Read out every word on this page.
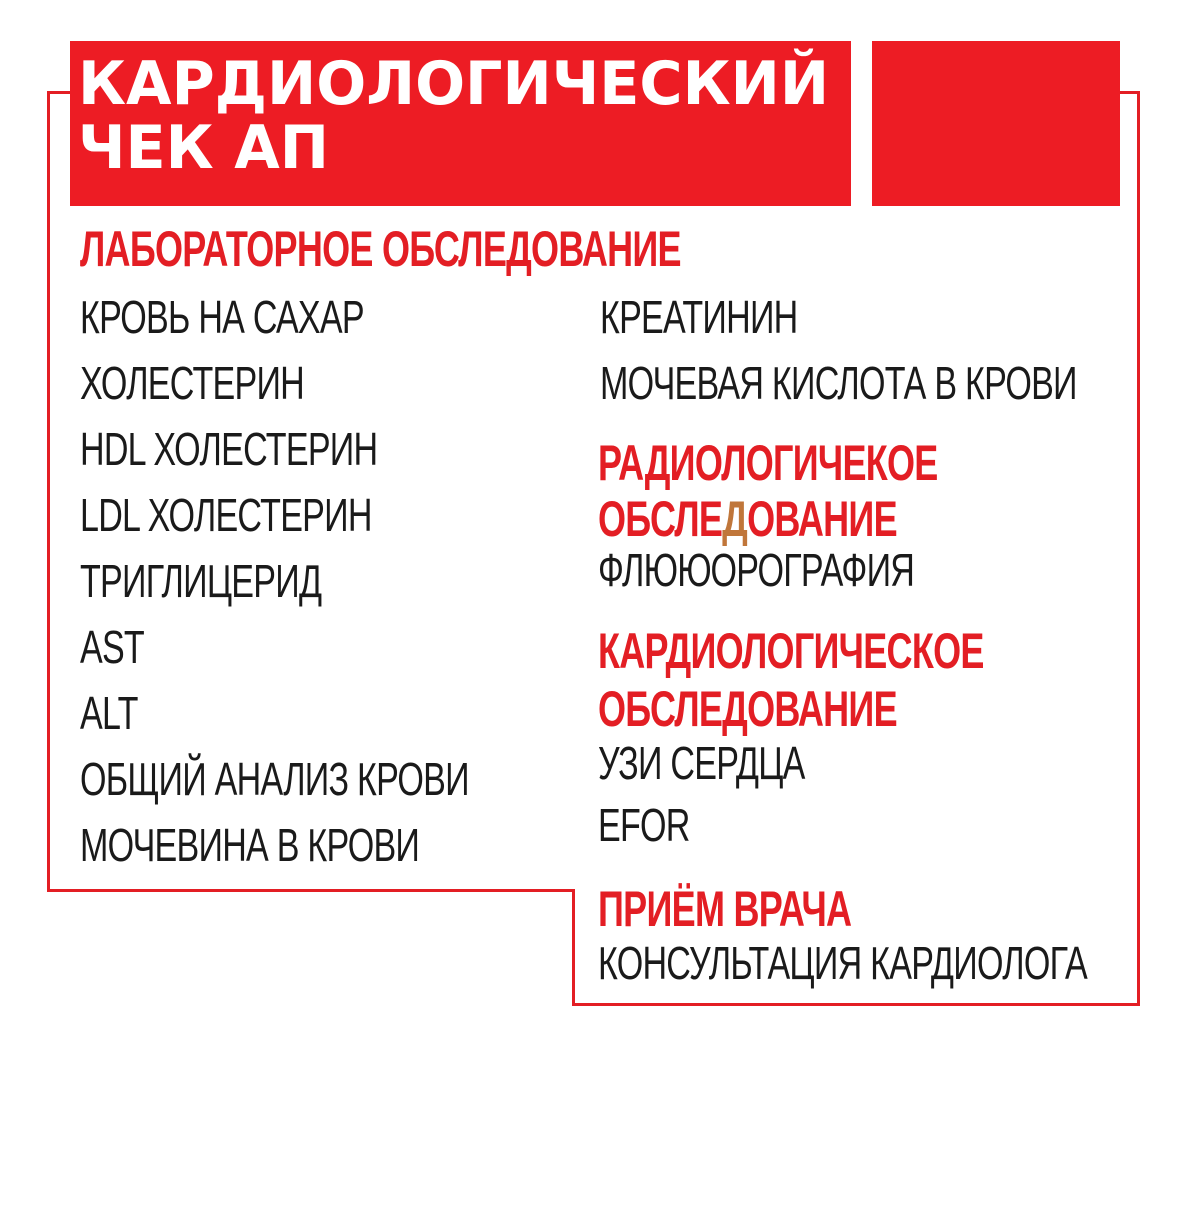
КАРДИОЛОГИЧЕСКИЙ
ЧЕК АП
ЛАБОРАТОРНОЕ ОБСЛЕДОВАНИЕ
КРОВЬ НА САХАР
ХОЛЕСТЕРИН
HDL ХОЛЕСТЕРИН
LDL ХОЛЕСТЕРИН
ТРИГЛИЦЕРИД
AST
ALT
ОБЩИЙ АНАЛИЗ КРОВИ
МОЧЕВИНА В КРОВИ
КРЕАТИНИН
МОЧЕВАЯ КИСЛОТА В КРОВИ
РАДИОЛОГИЧЕКОЕ
ОБСЛЕДОВАНИЕ
ФЛЮЮОРОГРАФИЯ
КАРДИОЛОГИЧЕСКОЕ
ОБСЛЕДОВАНИЕ
УЗИ СЕРДЦА
EFOR
ПРИЁМ ВРАЧА
КОНСУЛЬТАЦИЯ КАРДИОЛОГА
